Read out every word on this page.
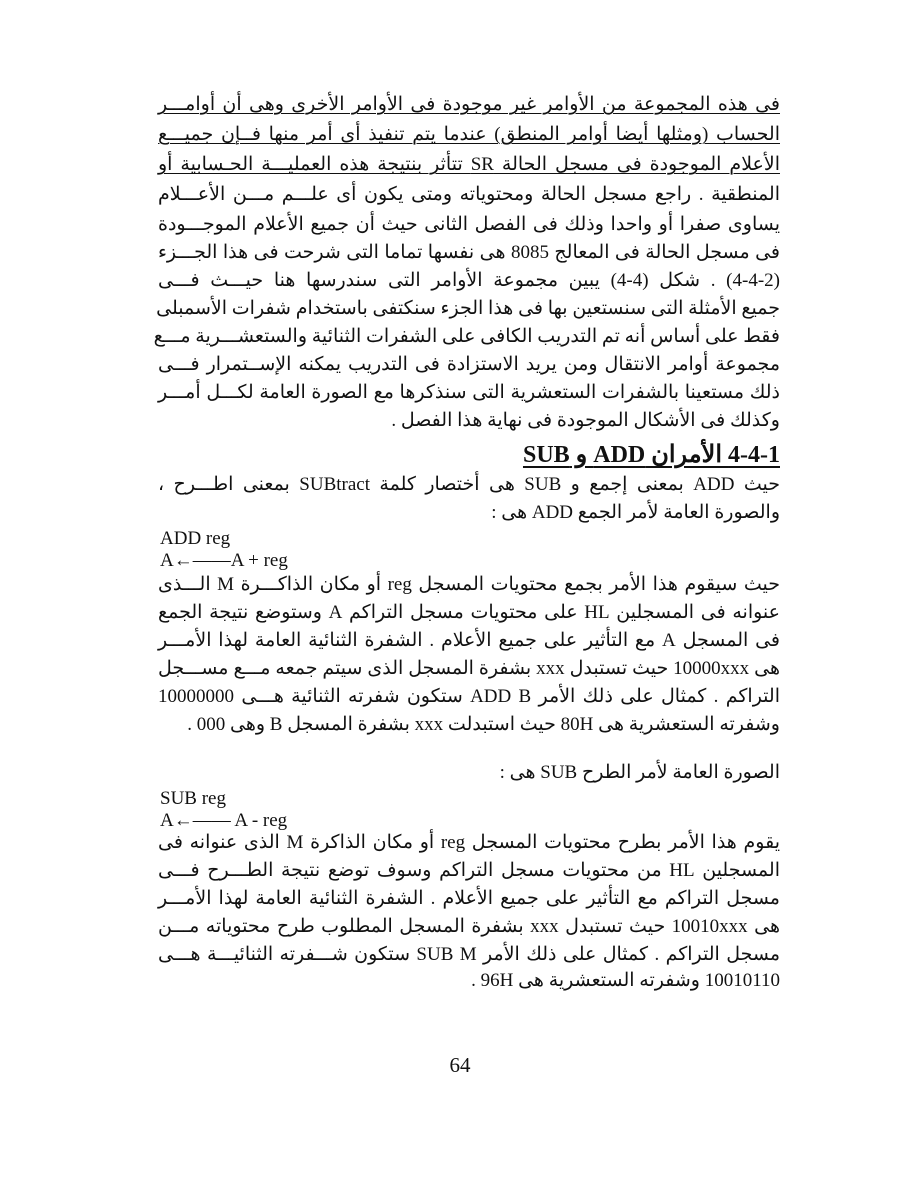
فى هذه المجموعة من الأوامر غير موجودة فى الأوامر الأخرى وهى أن أوامـــر
الحساب (ومثلها أيضا أوامر المنطق) عندما يتم تنفيذ أى أمر منها فــإن جميـــع
الأعلام الموجودة فى مسجل الحالة SR تتأثر بنتيجة هذه العمليـــة الحـسابية أو
المنطقية . راجع مسجل الحالة ومحتوياته ومتى يكون أى علـــم مـــن الأعـــلام
يساوى صفرا أو واحدا وذلك فى الفصل الثانى حيث أن جميع الأعلام الموجـــودة
فى مسجل الحالة فى المعالج 8085 هى نفسها تماما التى شرحت فى هذا الجـــزء
(4-4-2) . شكل (4-4) يبين مجموعة الأوامر التى سندرسها هنا حيـــث فـــى
جميع الأمثلة التى سنستعين بها فى هذا الجزء سنكتفى باستخدام شفرات الأسمبلى
فقط على أساس أنه تم التدريب الكافى على الشفرات الثنائية والستعشـــرية مـــع
مجموعة أوامر الانتقال ومن يريد الاستزادة فى التدريب يمكنه الإســتمرار فـــى
ذلك مستعينا بالشفرات الستعشرية التى سنذكرها مع الصورة العامة لكـــل أمـــر
وكذلك فى الأشكال الموجودة فى نهاية هذا الفصل .
4-4-1 الأمران ADD و SUB
حيث ADD بمعنى إجمع و SUB هى أختصار كلمة SUBtract بمعنى اطـــرح ،
والصورة العامة لأمر الجمع ADD هى :
ADD reg
A←——A + reg
حيث سيقوم هذا الأمر بجمع محتويات المسجل reg أو مكان الذاكـــرة M الـــذى
عنوانه فى المسجلين HL على محتويات مسجل التراكم A وستوضع نتيجة الجمع
فى المسجل A مع التأثير على جميع الأعلام . الشفرة الثنائية العامة لهذا الأمـــر
هى 10000xxx حيث تستبدل xxx بشفرة المسجل الذى سيتم جمعه مـــع مســـجل
التراكم . كمثال على ذلك الأمر ADD B ستكون شفرته الثنائية هـــى 10000000
وشفرته الستعشرية هى 80H حيث استبدلت xxx بشفرة المسجل B وهى 000 .
الصورة العامة لأمر الطرح SUB هى :
SUB reg
A←—— A - reg
يقوم هذا الأمر بطرح محتويات المسجل reg أو مكان الذاكرة M الذى عنوانه فى
المسجلين HL من محتويات مسجل التراكم وسوف توضع نتيجة الطـــرح فـــى
مسجل التراكم مع التأثير على جميع الأعلام . الشفرة الثنائية العامة لهذا الأمـــر
هى 10010xxx حيث تستبدل xxx بشفرة المسجل المطلوب طرح محتوياته مـــن
مسجل التراكم . كمثال على ذلك الأمر SUB M ستكون شـــفرته الثنائيـــة هـــى
10010110 وشفرته الستعشرية هى 96H .
64
